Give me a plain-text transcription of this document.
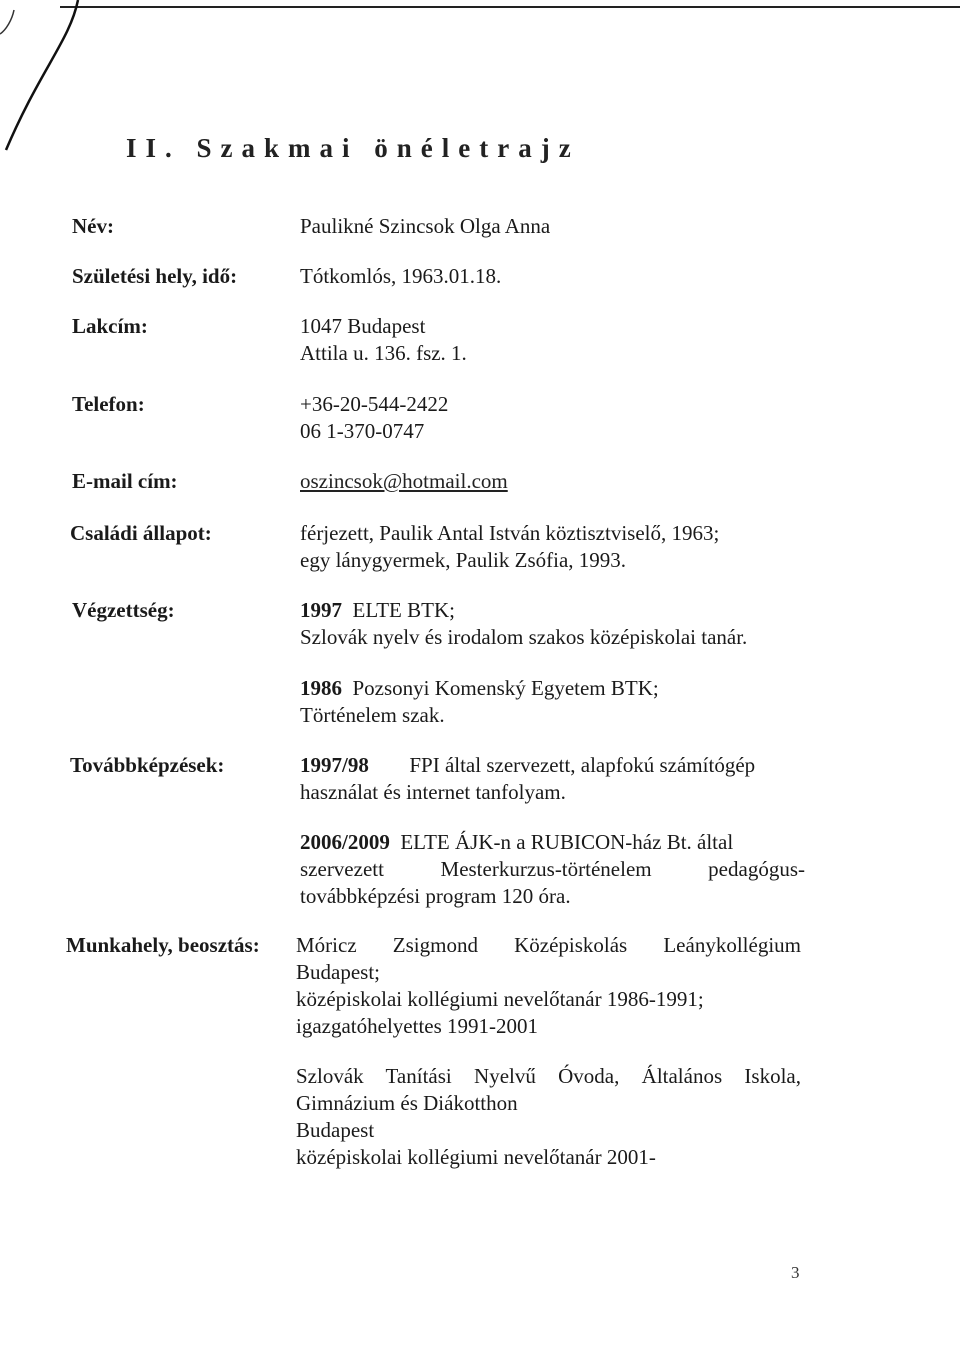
II. Szakmai önéletrajz
Név:	Paulikné Szincsok Olga Anna
Születési hely, idő:	Tótkomlós, 1963.01.18.
Lakcím:	1047 Budapest
Attila u. 136. fsz. 1.
Telefon:	+36-20-544-2422
06 1-370-0747
E-mail cím:	oszincsok@hotmail.com
Családi állapot:	férjezett, Paulik Antal István köztisztviselő, 1963;
egy lánygyermek, Paulik Zsófia, 1993.
Végzettség:	1997 ELTE BTK;
Szlovák nyelv és irodalom szakos középiskolai tanár.
1986 Pozsonyi Komenský Egyetem BTK;
Történelem szak.
Továbbképzések:	1997/98 FPI által szervezett, alapfokú számítógép
használat és internet tanfolyam.
2006/2009 ELTE ÁJK-n a RUBICON-ház Bt. által
szervezett Mesterkurzus-történelem pedagógus-
továbbképzési program 120 óra.
Munkahely, beosztás: Móricz Zsigmond Középiskolás Leánykollégium
Budapest;
középiskolai kollégiumi nevelőtanár 1986-1991;
igazgatóhelyettes 1991-2001
Szlovák Tanítási Nyelvű Óvoda, Általános Iskola,
Gimnázium és Diákotthon
Budapest
középiskolai kollégiumi nevelőtanár 2001-
3
